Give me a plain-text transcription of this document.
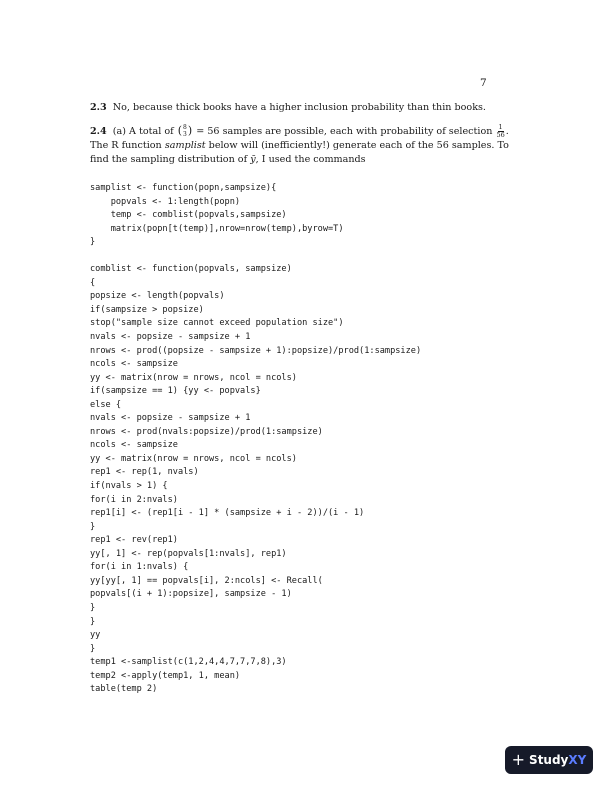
7
2.3 No, because thick books have a higher inclusion probability than thin books.
2.4 (a) A total of ( 8
3 ) = 56 samples are possible, each with probability of selection $\frac{1}{56}$ . The R function samplist below will (inefficiently!) generate each of the 56 samples. To find the sampling distribution of ȳ, I used the commands
samplist <- function(popn,sampsize){
popvals <- 1:length(popn)
temp <- comblist(popvals,sampsize)
matrix(popn[t(temp)],nrow=nrow(temp),byrow=T)
}
comblist <- function(popvals, sampsize)
{
popsize <- length(popvals)
if(sampsize > popsize)
stop("sample size cannot exceed population size")
nvals <- popsize - sampsize + 1
nrows <- prod((popsize - sampsize + 1):popsize)/prod(1:sampsize)
ncols <- sampsize
yy <- matrix(nrow = nrows, ncol = ncols)
if(sampsize == 1) {yy <- popvals}
else {
nvals <- popsize - sampsize + 1
nrows <- prod(nvals:popsize)/prod(1:sampsize)
ncols <- sampsize
yy <- matrix(nrow = nrows, ncol = ncols)
rep1 <- rep(1, nvals)
if(nvals > 1) {
for(i in 2:nvals)
rep1[i] <- (rep1[i - 1] * (sampsize + i - 2))/(i - 1)
}
rep1 <- rev(rep1)
yy[, 1] <- rep(popvals[1:nvals], rep1)
for(i in 1:nvals) {
yy[yy[, 1] == popvals[i], 2:ncols] <- Recall(
popvals[(i + 1):popsize], sampsize - 1)
}
}
yy
}
temp1 <-samplist(c(1,2,4,4,7,7,7,8),3)
temp2 <-apply(temp1, 1, mean)
table(temp 2)
+ Study XY
